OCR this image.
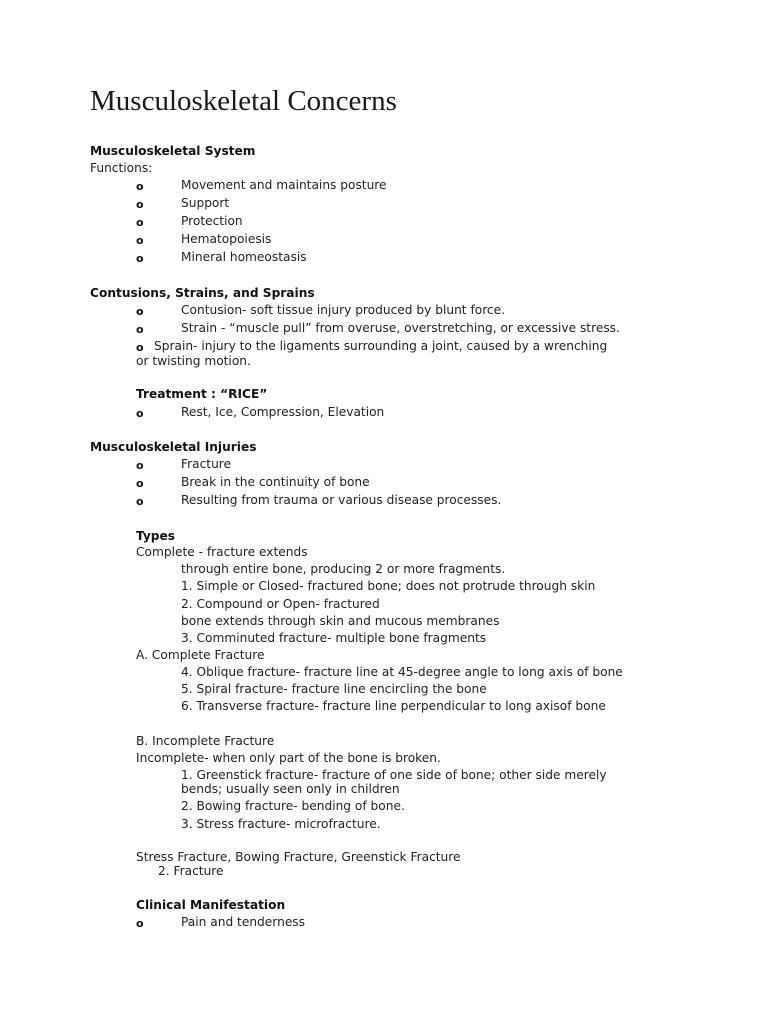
Musculoskeletal Concerns
Musculoskeletal System
Functions:
o	Movement and maintains posture
o	Support
o	Protection
o	Hematopoiesis
o	Mineral homeostasis
Contusions, Strains, and Sprains
o	Contusion- soft tissue injury produced by blunt force.
o	Strain - “muscle pull” from overuse, overstretching, or excessive stress.
o Sprain- injury to the ligaments surrounding a joint, caused by a wrenching
or twisting motion.
Treatment : “RICE”
o	Rest, Ice, Compression, Elevation
Musculoskeletal Injuries
o	Fracture
o	Break in the continuity of bone
o	Resulting from trauma or various disease processes.
Types
Complete - fracture extends
through entire bone, producing 2 or more fragments.
1. Simple or Closed- fractured bone; does not protrude through skin
2. Compound or Open- fractured
bone extends through skin and mucous membranes
3. Comminuted fracture- multiple bone fragments
A. Complete Fracture
4. Oblique fracture- fracture line at 45-degree angle to long axis of bone
5. Spiral fracture- fracture line encircling the bone
6. Transverse fracture- fracture line perpendicular to long axisof bone
B. Incomplete Fracture
Incomplete- when only part of the bone is broken.
1. Greenstick fracture- fracture of one side of bone; other side merely
bends; usually seen only in children
2. Bowing fracture- bending of bone.
3. Stress fracture- microfracture.
Stress Fracture, Bowing Fracture, Greenstick Fracture
2. Fracture
Clinical Manifestation
o	Pain and tenderness
